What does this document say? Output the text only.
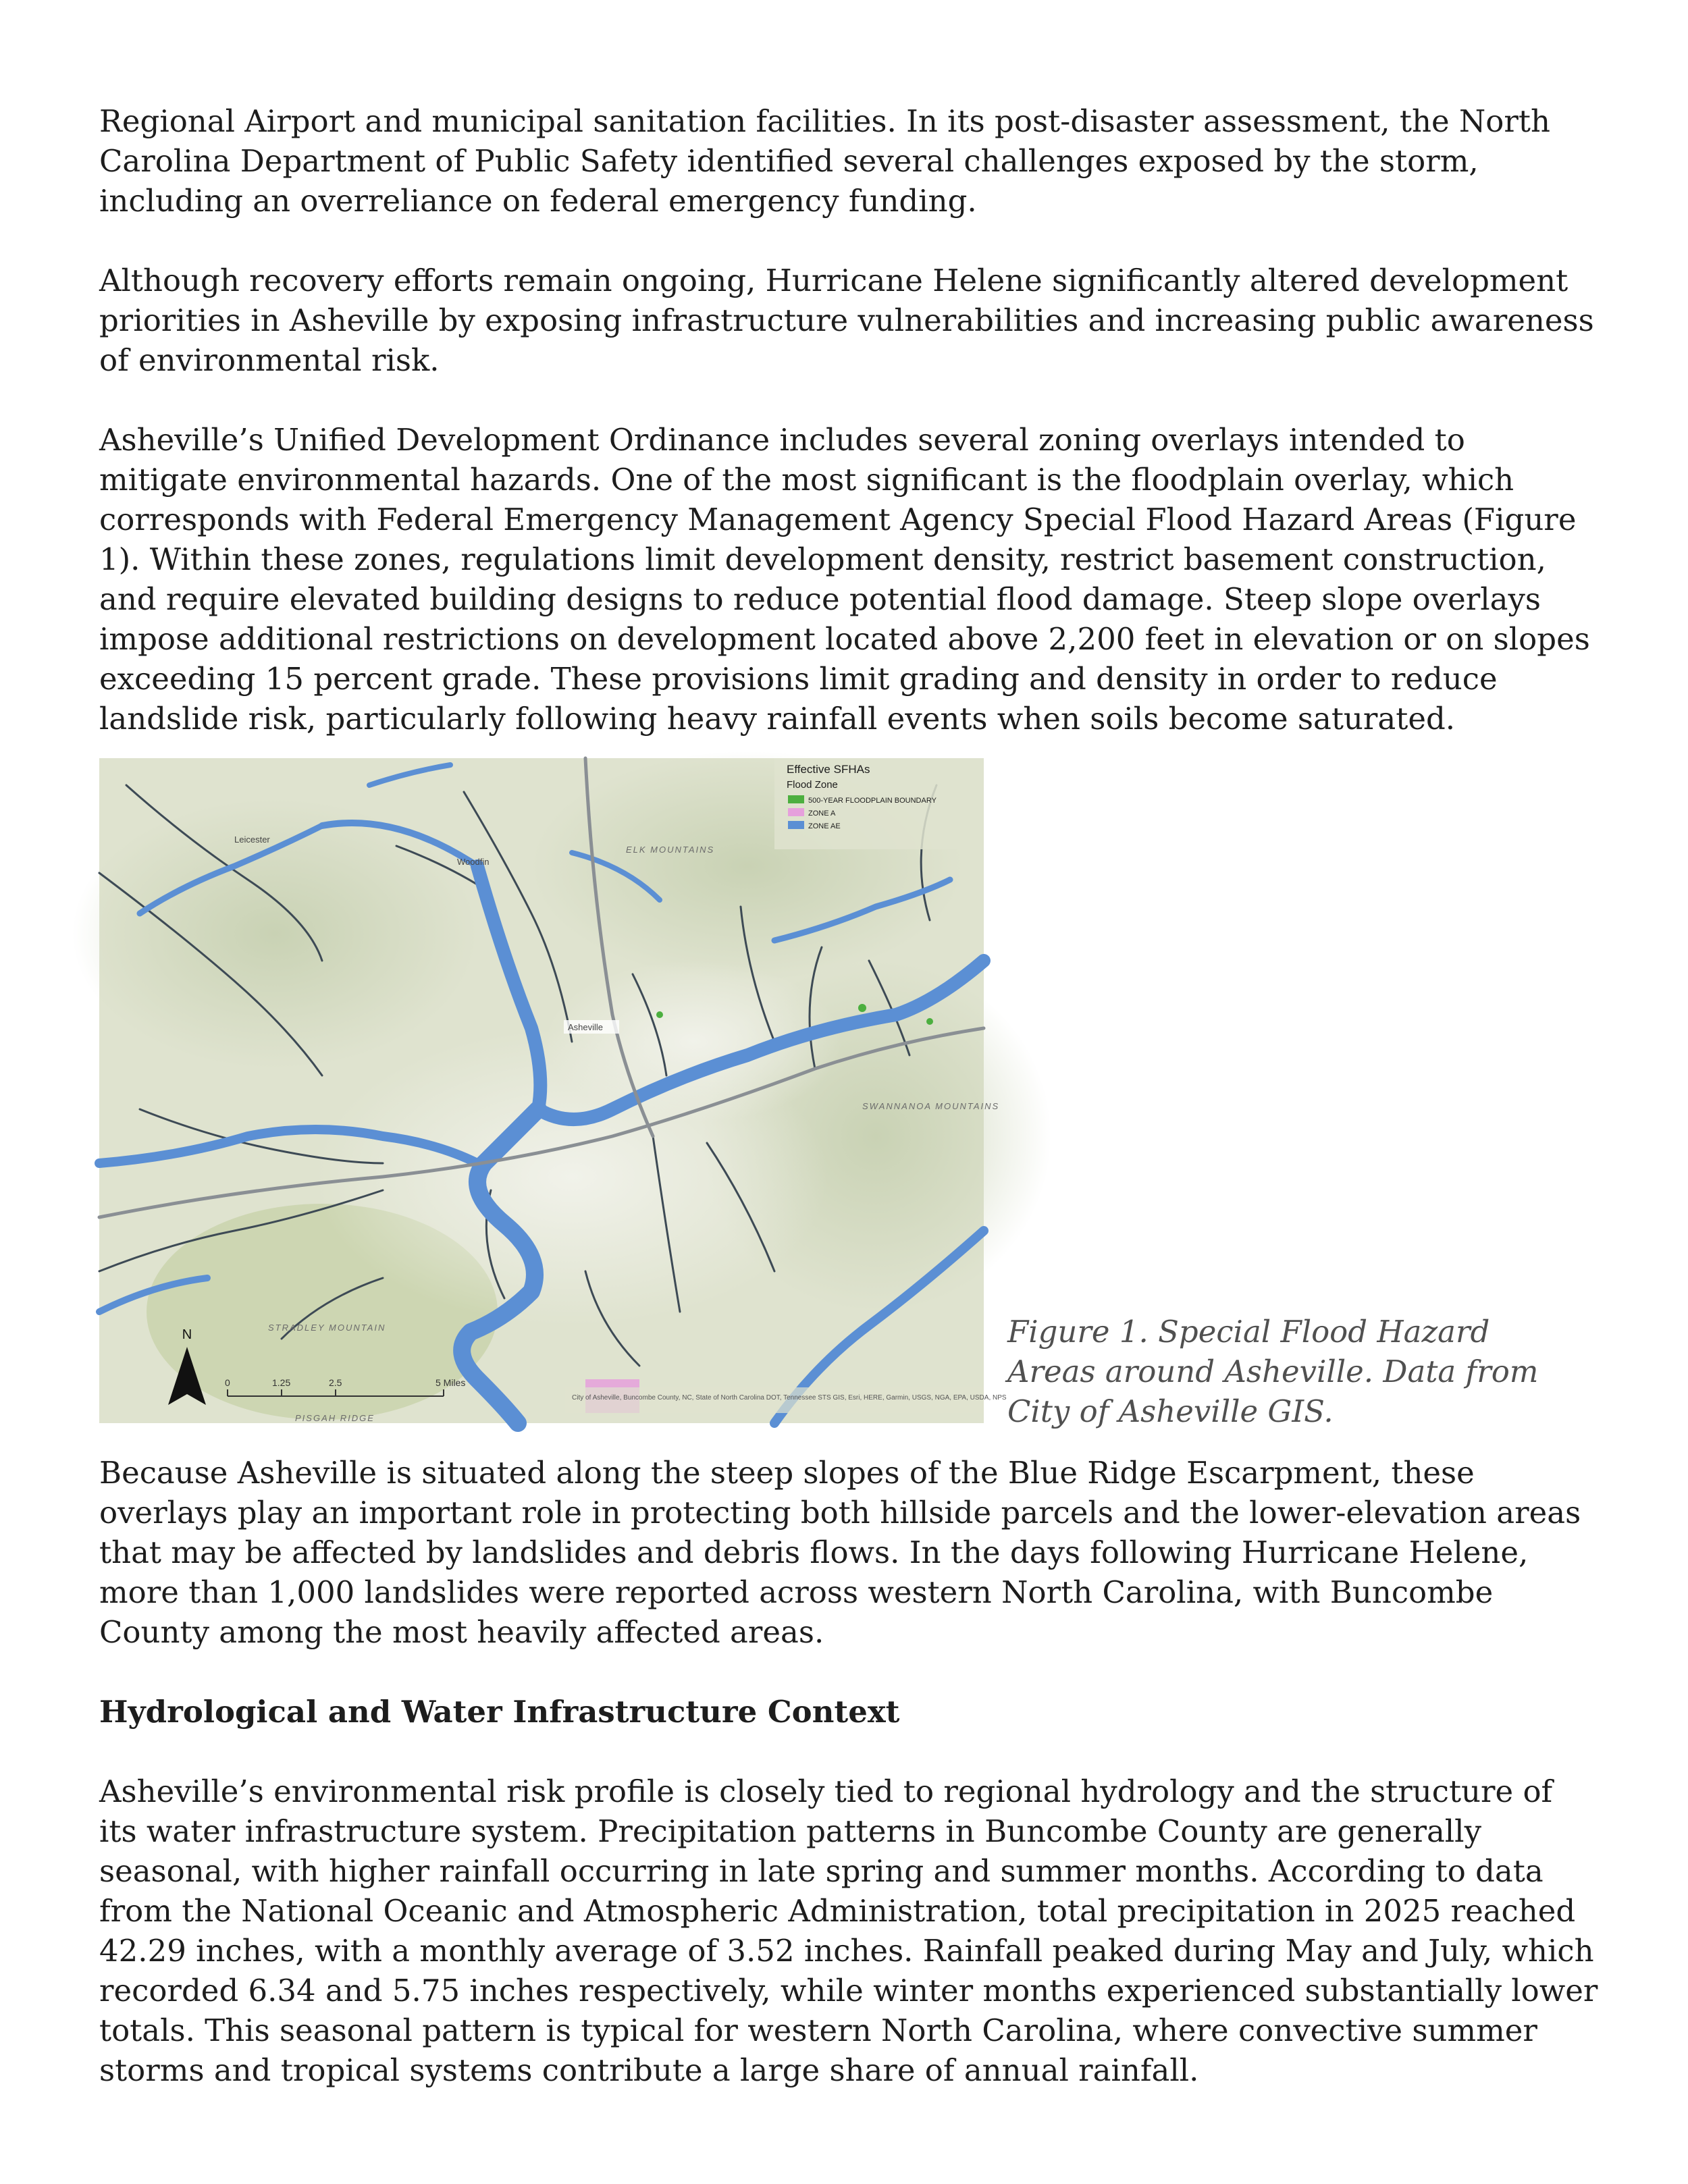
Regional Airport and municipal sanitation facilities. In its post-disaster assessment, the North Carolina Department of Public Safety identified several challenges exposed by the storm, including an overreliance on federal emergency funding.

Although recovery efforts remain ongoing, Hurricane Helene significantly altered development priorities in Asheville by exposing infrastructure vulnerabilities and increasing public awareness of environmental risk.

Asheville’s Unified Development Ordinance includes several zoning overlays intended to mitigate environmental hazards. One of the most significant is the floodplain overlay, which corresponds with Federal Emergency Management Agency Special Flood Hazard Areas (Figure 1). Within these zones, regulations limit development density, restrict basement construction, and require elevated building designs to reduce potential flood damage. Steep slope overlays impose additional restrictions on development located above 2,200 feet in elevation or on slopes exceeding 15 percent grade. These provisions limit grading and density in order to reduce landslide risk, particularly following heavy rainfall events when soils become saturated.

ELK MOUNTAINS
SWANNANOA MOUNTAINS
STRADLEY MOUNTAIN
PISGAH RIDGE
Asheville
Leicester
Woodfin
Effective SFHAs
Flood Zone
500-YEAR FLOODPLAIN BOUNDARY
ZONE A
ZONE AE
N
0	1.25	2.5	5 Miles
City of Asheville, Buncombe County, NC, State of North Carolina DOT, Tennessee STS GIS, Esri, HERE, Garmin, USGS, NGA, EPA, USDA, NPS
Figure 1. Special Flood Hazard Areas around Asheville. Data from City of Asheville GIS.

Because Asheville is situated along the steep slopes of the Blue Ridge Escarpment, these overlays play an important role in protecting both hillside parcels and the lower-elevation areas that may be affected by landslides and debris flows. In the days following Hurricane Helene, more than 1,000 landslides were reported across western North Carolina, with Buncombe County among the most heavily affected areas.

Hydrological and Water Infrastructure Context

Asheville’s environmental risk profile is closely tied to regional hydrology and the structure of its water infrastructure system. Precipitation patterns in Buncombe County are generally seasonal, with higher rainfall occurring in late spring and summer months. According to data from the National Oceanic and Atmospheric Administration, total precipitation in 2025 reached 42.29 inches, with a monthly average of 3.52 inches. Rainfall peaked during May and July, which recorded 6.34 and 5.75 inches respectively, while winter months experienced substantially lower totals. This seasonal pattern is typical for western North Carolina, where convective summer storms and tropical systems contribute a large share of annual rainfall.
